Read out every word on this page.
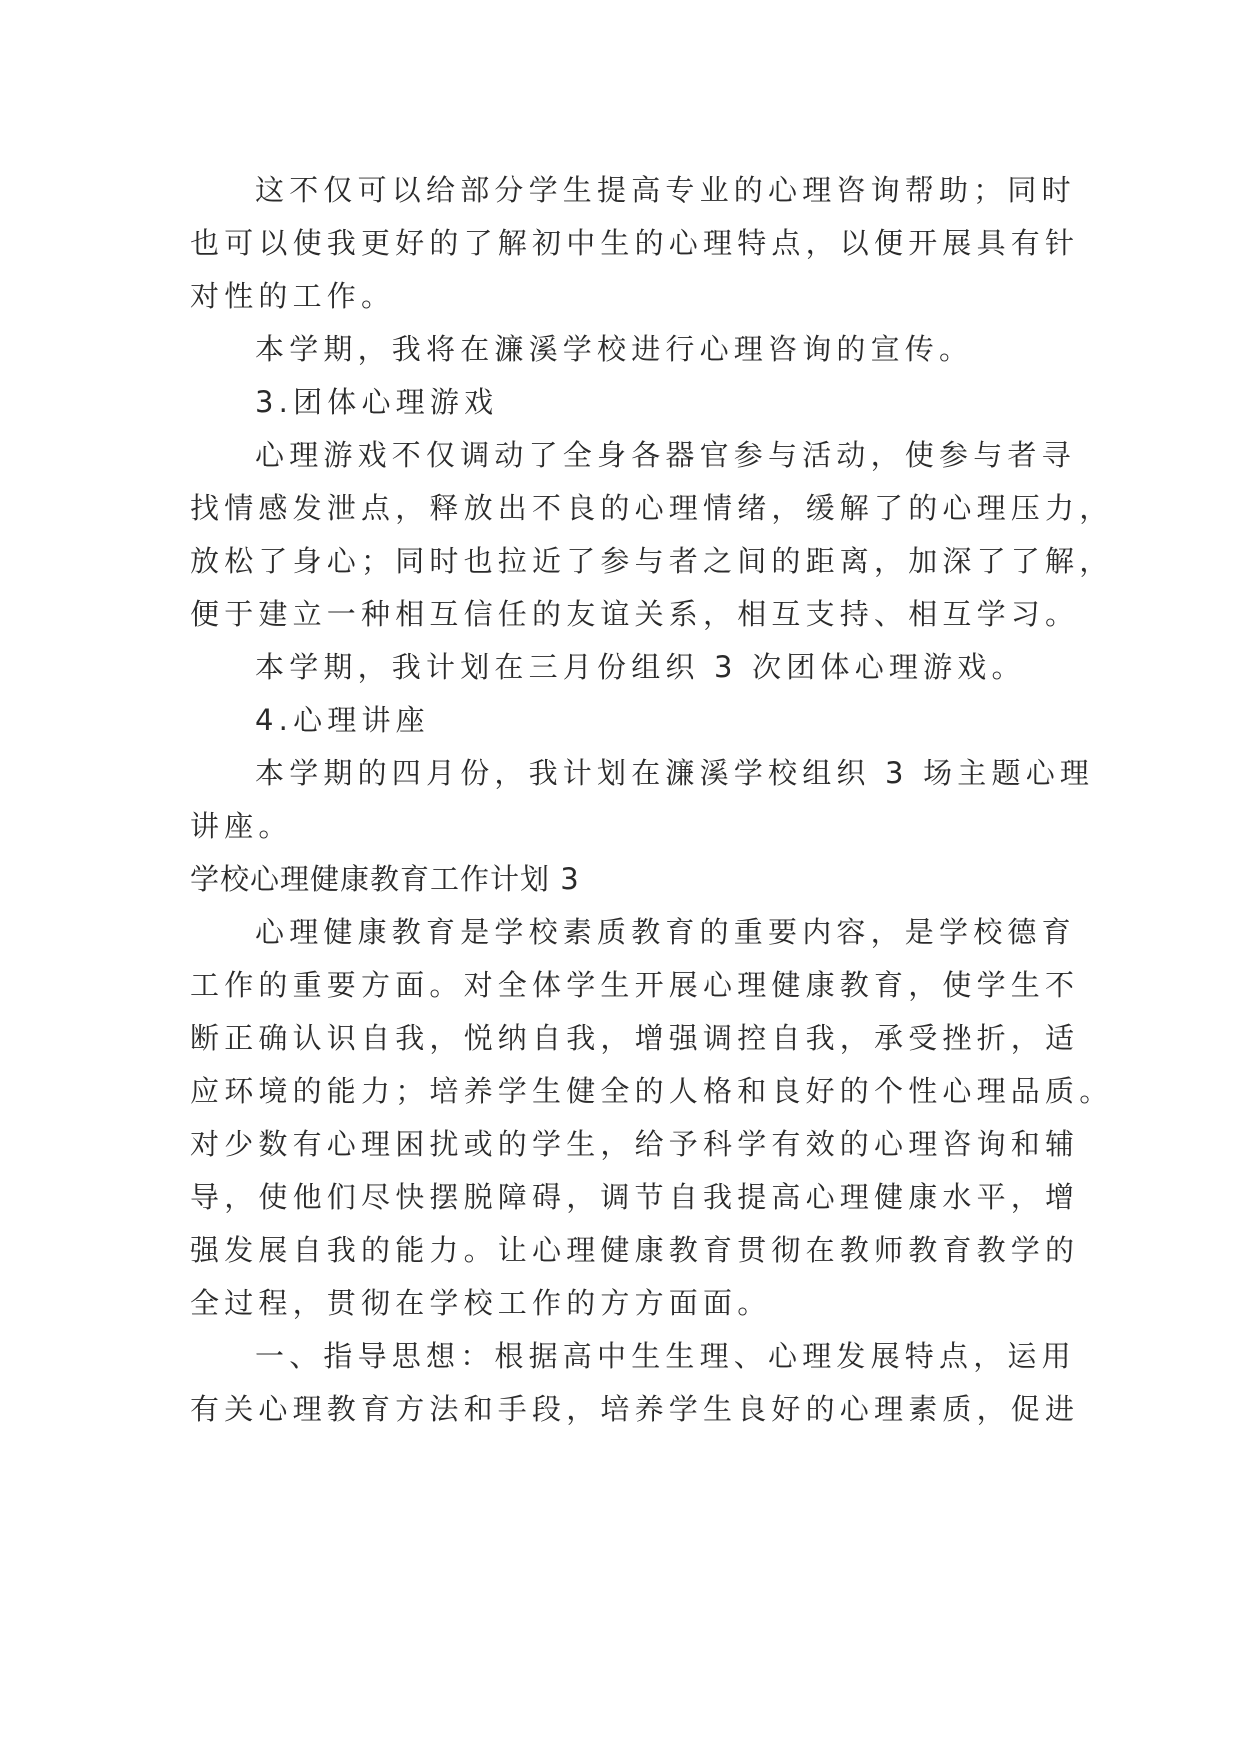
这不仅可以给部分学生提高专业的心理咨询帮助；同时
也可以使我更好的了解初中生的心理特点，以便开展具有针
对性的工作。
本学期，我将在濂溪学校进行心理咨询的宣传。
3.团体心理游戏
心理游戏不仅调动了全身各器官参与活动，使参与者寻
找情感发泄点，释放出不良的心理情绪，缓解了的心理压力，
放松了身心；同时也拉近了参与者之间的距离，加深了了解，
便于建立一种相互信任的友谊关系，相互支持、相互学习。
本学期，我计划在三月份组织 3 次团体心理游戏。
4.心理讲座
本学期的四月份，我计划在濂溪学校组织 3 场主题心理
讲座。
学校心理健康教育工作计划 3
心理健康教育是学校素质教育的重要内容，是学校德育
工作的重要方面。对全体学生开展心理健康教育，使学生不
断正确认识自我，悦纳自我，增强调控自我，承受挫折，适
应环境的能力；培养学生健全的人格和良好的个性心理品质。
对少数有心理困扰或的学生，给予科学有效的心理咨询和辅
导，使他们尽快摆脱障碍，调节自我提高心理健康水平，增
强发展自我的能力。让心理健康教育贯彻在教师教育教学的
全过程，贯彻在学校工作的方方面面。
一、指导思想：根据高中生生理、心理发展特点，运用
有关心理教育方法和手段，培养学生良好的心理素质，促进
